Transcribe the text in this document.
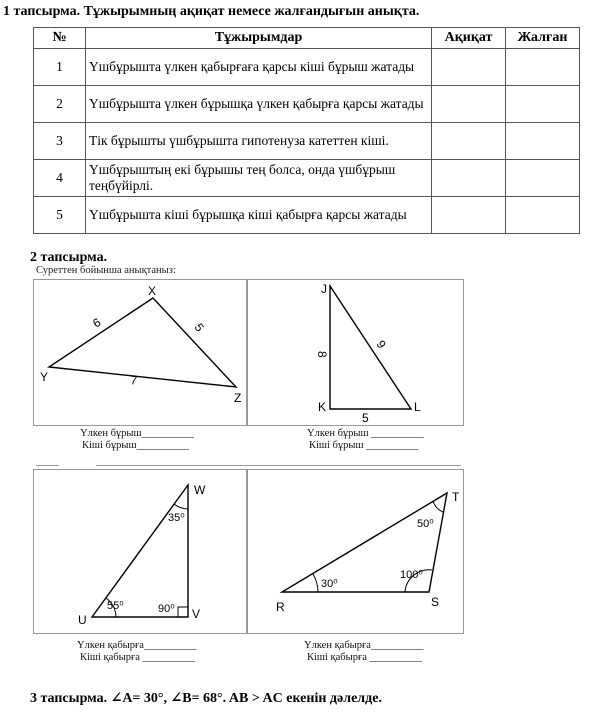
1 тапсырма. Тұжырымның ақиқат немесе жалғандығын анықта.
№	Тұжырымдар	Ақиқат	Жалған
1	Үшбұрышта үлкен қабырғаға қарсы кіші бұрыш жатады		
2	Үшбұрышта үлкен бұрышқа үлкен қабырға қарсы жатады		
3	Тік бұрышты үшбұрышта гипотенуза катеттен кіші.		
4	Үшбұрыштың екі бұрышы тең болса, онда үшбұрыш теңбүйірлі.		
5	Үшбұрышта кіші бұрышқа кіші қабырға қарсы жатады		
2 тапсырма.
Суреттен бойынша анықтаныз:
X
Y
Z
6	5
7
Үлкен бұрыш__________
Кіші бұрыш__________
J
K	L
8
9
5
Үлкен бұрыш __________
Кіші бұрыш __________
W
U	V
35⁰
55⁰	90⁰
Үлкен қабырға__________
Кіші қабырға __________
T
R	S
50⁰
30⁰
100⁰
Үлкен қабырға__________
Кіші қабырға __________
3 тапсырма. ∠A= 30°, ∠B= 68°. AB > AC екенін дәлелде.
